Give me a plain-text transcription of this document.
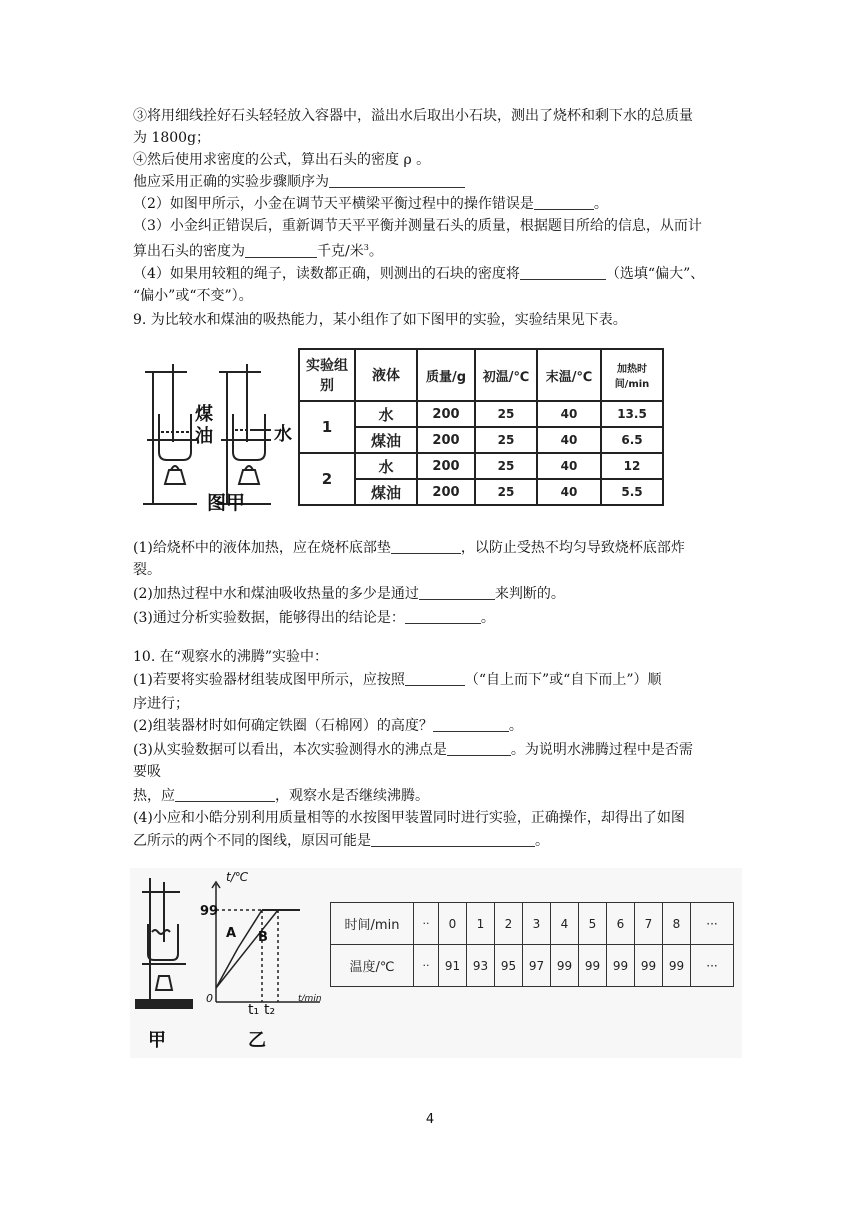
③将用细线拴好石头轻轻放入容器中，溢出水后取出小石块，测出了烧杯和剩下水的总质量
为 1800g；
④然后使用求密度的公式，算出石头的密度 ρ 。
他应采用正确的实验步骤顺序为
（2）如图甲所示，小金在调节天平横梁平衡过程中的操作错误是	。
（3）小金纠正错误后，重新调节天平平衡并测量石头的质量，根据题目所给的信息，从而计
算出石头的密度为	千克/米$^3$。
（4）如果用较粗的绳子，读数都正确，则测出的石块的密度将	（选填“偏大”、
“偏小”或“不变”）。
9. 为比较水和煤油的吸热能力，某小组作了如下图甲的实验，实验结果见下表。
煤油	水
图甲
实验组别	液体	质量/g	初温/℃	末温/℃	加热时间/min
1	水	200	25	40	13.5
	煤油	200	25	40	6.5
2	水	200	25	40	12
	煤油	200	25	40	5.5
(1)给烧杯中的液体加热，应在烧杯底部垫	，以防止受热不均匀导致烧杯底部炸
裂。
(2)加热过程中水和煤油吸收热量的多少是通过	来判断的。
(3)通过分析实验数据，能够得出的结论是：	。
10. 在“观察水的沸腾”实验中：
(1)若要将实验器材组装成图甲所示，应按照	（“自上而下”或“自下而上”）顺
序进行；
(2)组装器材时如何确定铁圈（石棉网）的高度？	。
(3)从实验数据可以看出，本次实验测得水的沸点是	。为说明水沸腾过程中是否需
要吸
热，应	，观察水是否继续沸腾。
(4)小应和小皓分别利用质量相等的水按图甲装置同时进行实验，正确操作，却得出了如图
乙所示的两个不同的图线，原因可能是	。
甲
t/℃
99
A B
0	t/min
t₁ t₂
乙
时间/min	··	0	1	2	3	4	5	6	7	8	···
温度/℃	··	91	93	95	97	99	99	99	99	99	···
4
